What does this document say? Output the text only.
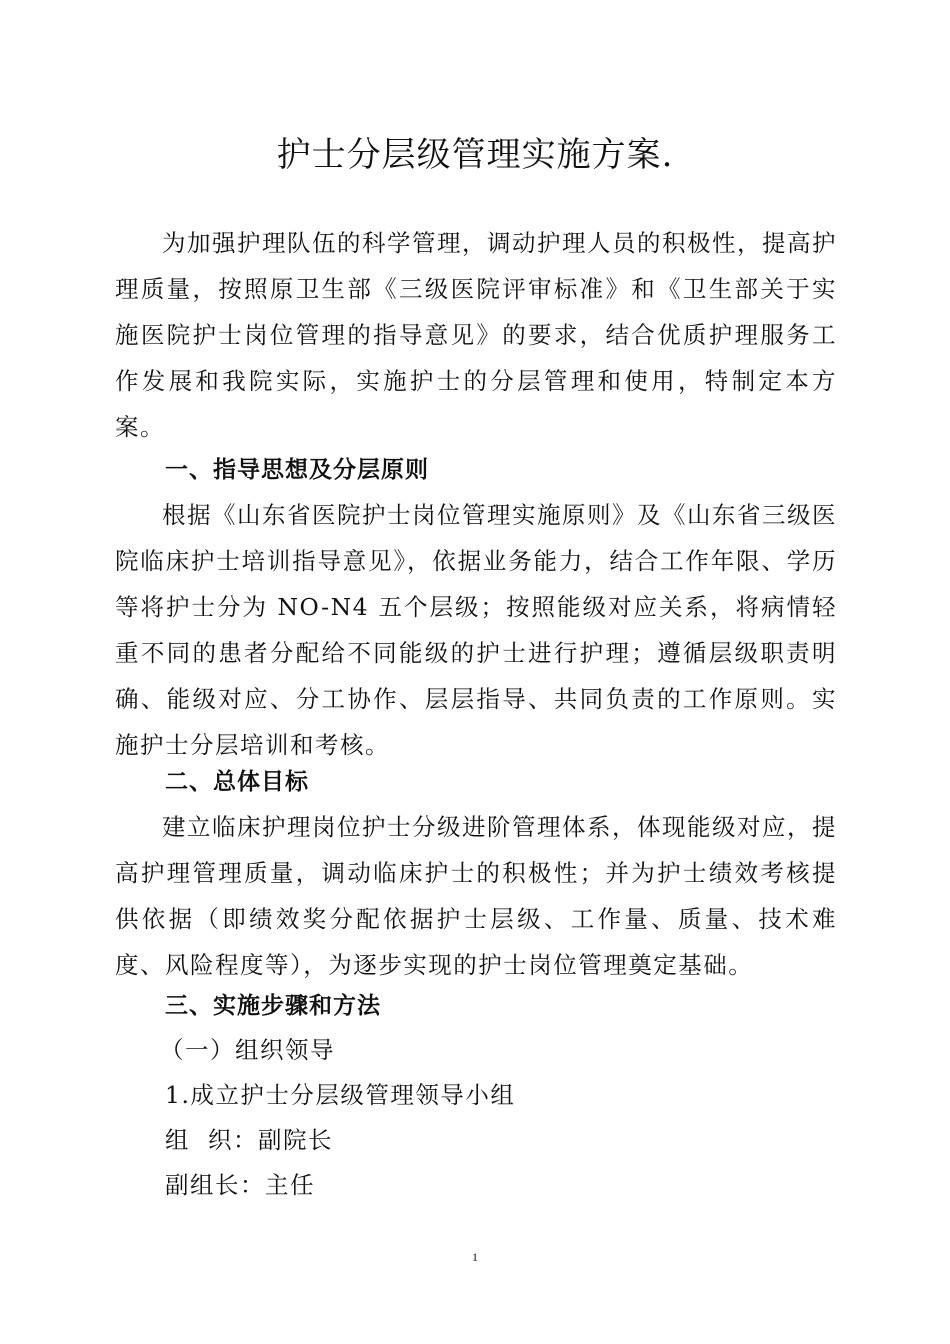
护士分层级管理实施方案.

为加强护理队伍的科学管理，调动护理人员的积极性，提高护理质量，按照原卫生部《三级医院评审标准》和《卫生部关于实施医院护士岗位管理的指导意见》的要求，结合优质护理服务工作发展和我院实际，实施护士的分层管理和使用，特制定本方案。

一、指导思想及分层原则

根据《山东省医院护士岗位管理实施原则》及《山东省三级医院临床护士培训指导意见》，依据业务能力，结合工作年限、学历等将护士分为 NO-N4 五个层级；按照能级对应关系，将病情轻重不同的患者分配给不同能级的护士进行护理；遵循层级职责明确、能级对应、分工协作、层层指导、共同负责的工作原则。实施护士分层培训和考核。

二、总体目标

建立临床护理岗位护士分级进阶管理体系，体现能级对应，提高护理管理质量，调动临床护士的积极性；并为护士绩效考核提供依据（即绩效奖分配依据护士层级、工作量、质量、技术难度、风险程度等），为逐步实现的护士岗位管理奠定基础。

三、实施步骤和方法

（一）组织领导

1.成立护士分层级管理领导小组

组  织：副院长

副组长：主任

1
